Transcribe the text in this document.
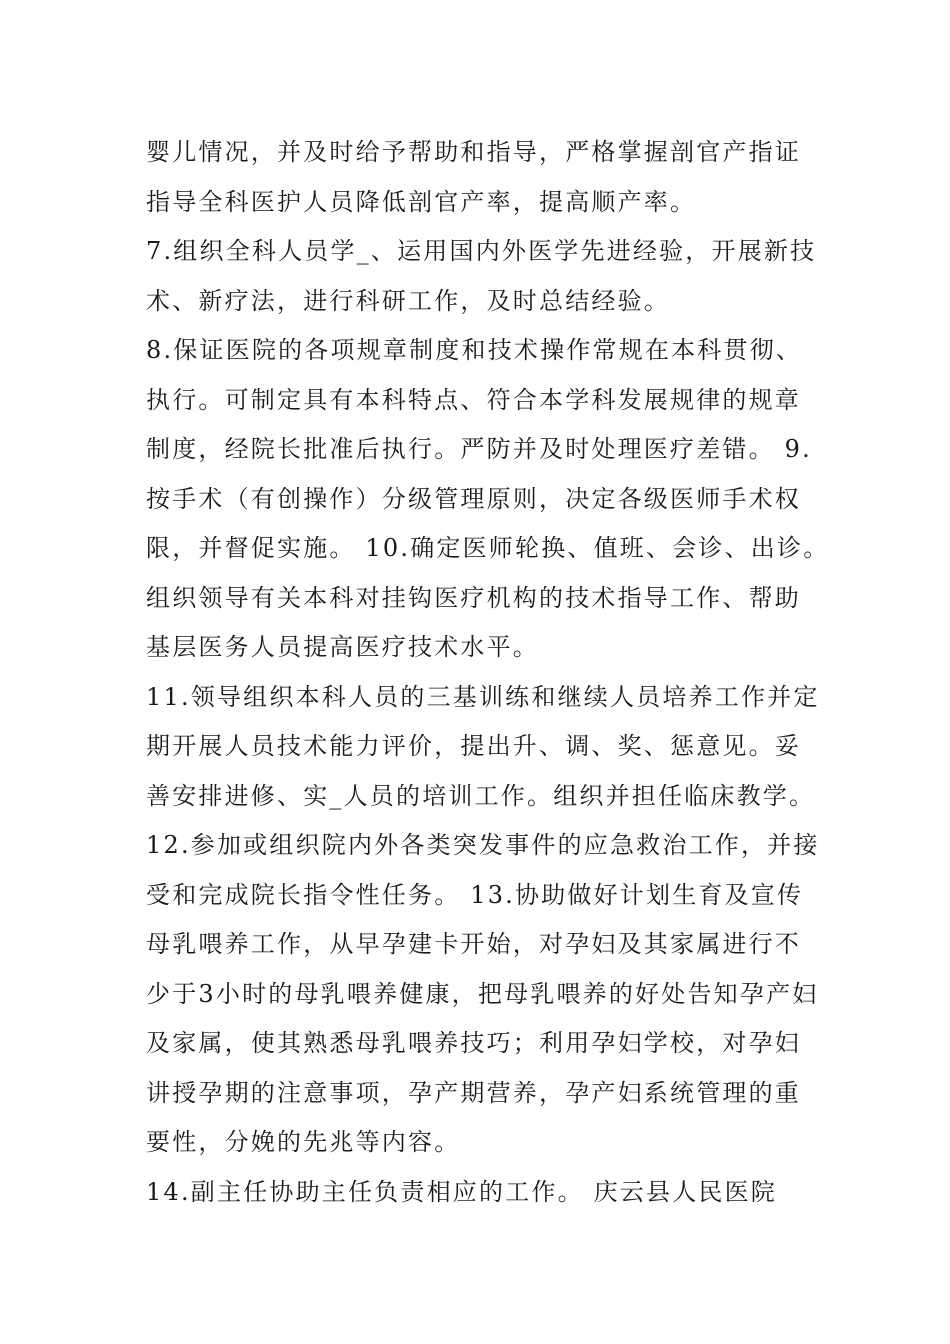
婴儿情况，并及时给予帮助和指导，严格掌握剖官产指证
指导全科医护人员降低剖官产率，提高顺产率。
7.组织全科人员学_、运用国内外医学先进经验，开展新技
术、新疗法，进行科研工作，及时总结经验。
8.保证医院的各项规章制度和技术操作常规在本科贯彻、
执行。可制定具有本科特点、符合本学科发展规律的规章
制度，经院长批准后执行。严防并及时处理医疗差错。 9.
按手术（有创操作）分级管理原则，决定各级医师手术权
限，并督促实施。 10.确定医师轮换、值班、会诊、出诊。
组织领导有关本科对挂钩医疗机构的技术指导工作、帮助
基层医务人员提高医疗技术水平。
11.领导组织本科人员的三基训练和继续人员培养工作并定
期开展人员技术能力评价，提出升、调、奖、惩意见。妥
善安排进修、实_人员的培训工作。组织并担任临床教学。
12.参加或组织院内外各类突发事件的应急救治工作，并接
受和完成院长指令性任务。 13.协助做好计划生育及宣传
母乳喂养工作，从早孕建卡开始，对孕妇及其家属进行不
少于3小时的母乳喂养健康，把母乳喂养的好处告知孕产妇
及家属，使其熟悉母乳喂养技巧；利用孕妇学校，对孕妇
讲授孕期的注意事项，孕产期营养，孕产妇系统管理的重
要性，分娩的先兆等内容。
14.副主任协助主任负责相应的工作。 庆云县人民医院
